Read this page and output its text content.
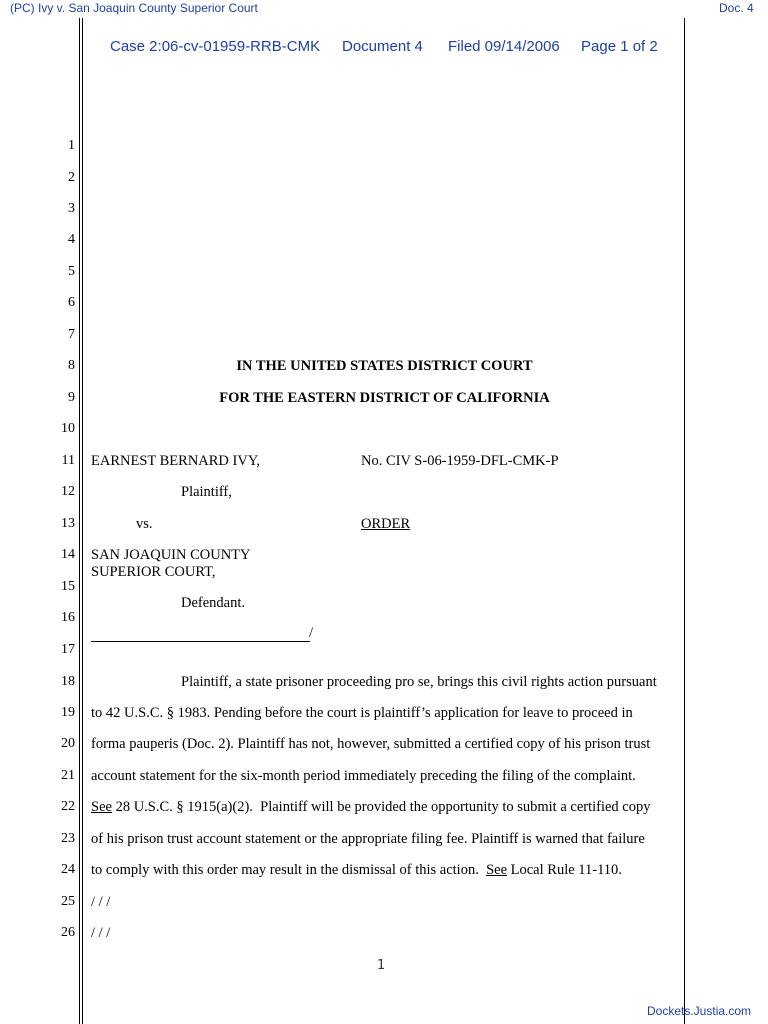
(PC) Ivy v. San Joaquin County Superior Court	Doc. 4
Case 2:06-cv-01959-RRB-CMK Document 4 Filed 09/14/2006 Page 1 of 2
1
2
3
4
5
6
7
8
9
10
11
12
13
14
15
16
17
18
19
20
21
22
23
24
25
26
IN THE UNITED STATES DISTRICT COURT
FOR THE EASTERN DISTRICT OF CALIFORNIA
EARNEST BERNARD IVY,	No. CIV S-06-1959-DFL-CMK-P
Plaintiff,
vs.	ORDER
SAN JOAQUIN COUNTY
SUPERIOR COURT,
Defendant.
/
Plaintiff, a state prisoner proceeding pro se, brings this civil rights action pursuant
to 42 U.S.C. § 1983. Pending before the court is plaintiff’s application for leave to proceed in
forma pauperis (Doc. 2). Plaintiff has not, however, submitted a certified copy of his prison trust
account statement for the six-month period immediately preceding the filing of the complaint.
See 28 U.S.C. § 1915(a)(2).  Plaintiff will be provided the opportunity to submit a certified copy
of his prison trust account statement or the appropriate filing fee. Plaintiff is warned that failure
to comply with this order may result in the dismissal of this action.  See Local Rule 11-110.
/ / /
/ / /
1
Dockets.Justia.com
